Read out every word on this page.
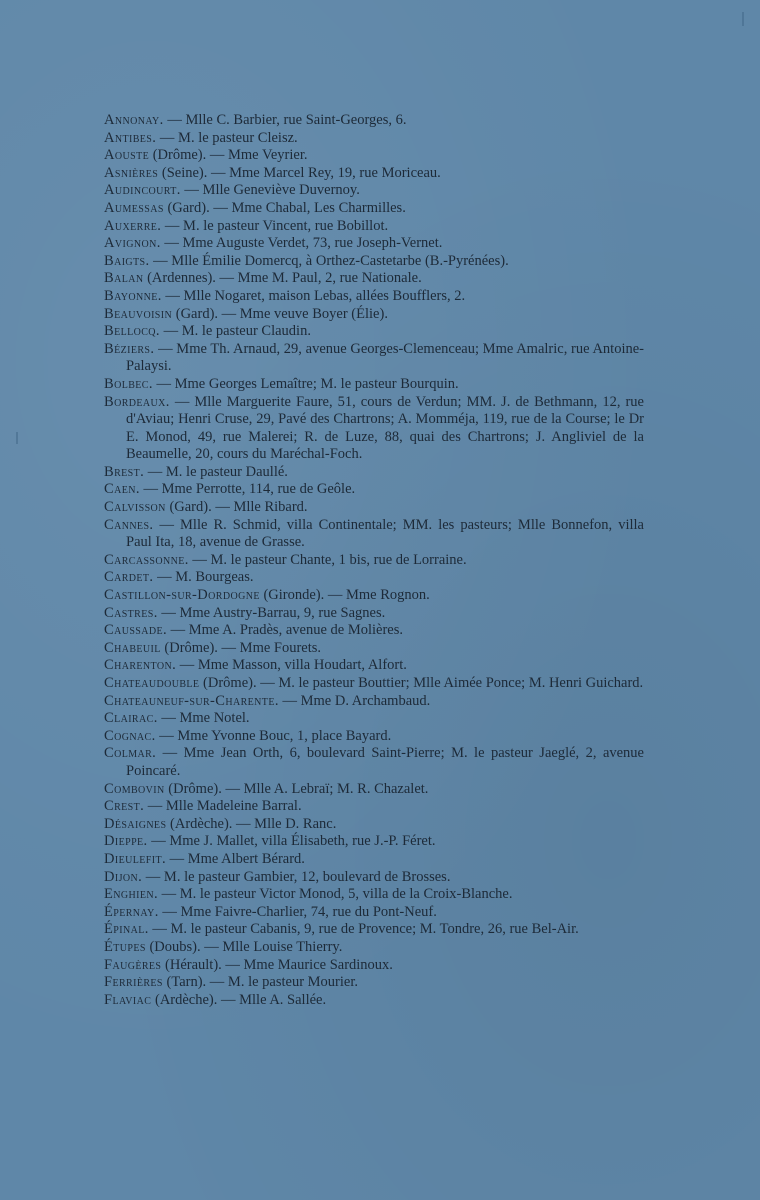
Annonay. — Mlle C. Barbier, rue Saint-Georges, 6.
Antibes. — M. le pasteur Cleisz.
Aouste (Drôme). — Mme Veyrier.
Asnières (Seine). — Mme Marcel Rey, 19, rue Moriceau.
Audincourt. — Mlle Geneviève Duvernoy.
Aumessas (Gard). — Mme Chabal, Les Charmilles.
Auxerre. — M. le pasteur Vincent, rue Bobillot.
Avignon. — Mme Auguste Verdet, 73, rue Joseph-Vernet.
Baigts. — Mlle Émilie Domercq, à Orthez-Castetarbe (B.-Pyrénées).
Balan (Ardennes). — Mme M. Paul, 2, rue Nationale.
Bayonne. — Mlle Nogaret, maison Lebas, allées Boufflers, 2.
Beauvoisin (Gard). — Mme veuve Boyer (Élie).
Bellocq. — M. le pasteur Claudin.
Béziers. — Mme Th. Arnaud, 29, avenue Georges-Clemenceau; Mme Amalric, rue Antoine-Palaysi.
Bolbec. — Mme Georges Lemaître; M. le pasteur Bourquin.
Bordeaux. — Mlle Marguerite Faure, 51, cours de Verdun; MM. J. de Bethmann, 12, rue d'Aviau; Henri Cruse, 29, Pavé des Chartrons; A. Momméja, 119, rue de la Course; le Dr E. Monod, 49, rue Malerei; R. de Luze, 88, quai des Chartrons; J. Angliviel de la Beaumelle, 20, cours du Maréchal-Foch.
Brest. — M. le pasteur Daullé.
Caen. — Mme Perrotte, 114, rue de Geôle.
Calvisson (Gard). — Mlle Ribard.
Cannes. — Mlle R. Schmid, villa Continentale; MM. les pasteurs; Mlle Bonnefon, villa Paul Ita, 18, avenue de Grasse.
Carcassonne. — M. le pasteur Chante, 1 bis, rue de Lorraine.
Cardet. — M. Bourgeas.
Castillon-sur-Dordogne (Gironde). — Mme Rognon.
Castres. — Mme Austry-Barrau, 9, rue Sagnes.
Caussade. — Mme A. Pradès, avenue de Molières.
Chabeuil (Drôme). — Mme Fourets.
Charenton. — Mme Masson, villa Houdart, Alfort.
Chateaudouble (Drôme). — M. le pasteur Bouttier; Mlle Aimée Ponce; M. Henri Guichard.
Chateauneuf-sur-Charente. — Mme D. Archambaud.
Clairac. — Mme Notel.
Cognac. — Mme Yvonne Bouc, 1, place Bayard.
Colmar. — Mme Jean Orth, 6, boulevard Saint-Pierre; M. le pasteur Jaeglé, 2, avenue Poincaré.
Combovin (Drôme). — Mlle A. Lebraï; M. R. Chazalet.
Crest. — Mlle Madeleine Barral.
Désaignes (Ardèche). — Mlle D. Ranc.
Dieppe. — Mme J. Mallet, villa Élisabeth, rue J.-P. Féret.
Dieulefit. — Mme Albert Bérard.
Dijon. — M. le pasteur Gambier, 12, boulevard de Brosses.
Enghien. — M. le pasteur Victor Monod, 5, villa de la Croix-Blanche.
Épernay. — Mme Faivre-Charlier, 74, rue du Pont-Neuf.
Épinal. — M. le pasteur Cabanis, 9, rue de Provence; M. Tondre, 26, rue Bel-Air.
Étupes (Doubs). — Mlle Louise Thierry.
Faugères (Hérault). — Mme Maurice Sardinoux.
Ferrières (Tarn). — M. le pasteur Mourier.
Flaviac (Ardèche). — Mlle A. Sallée.
